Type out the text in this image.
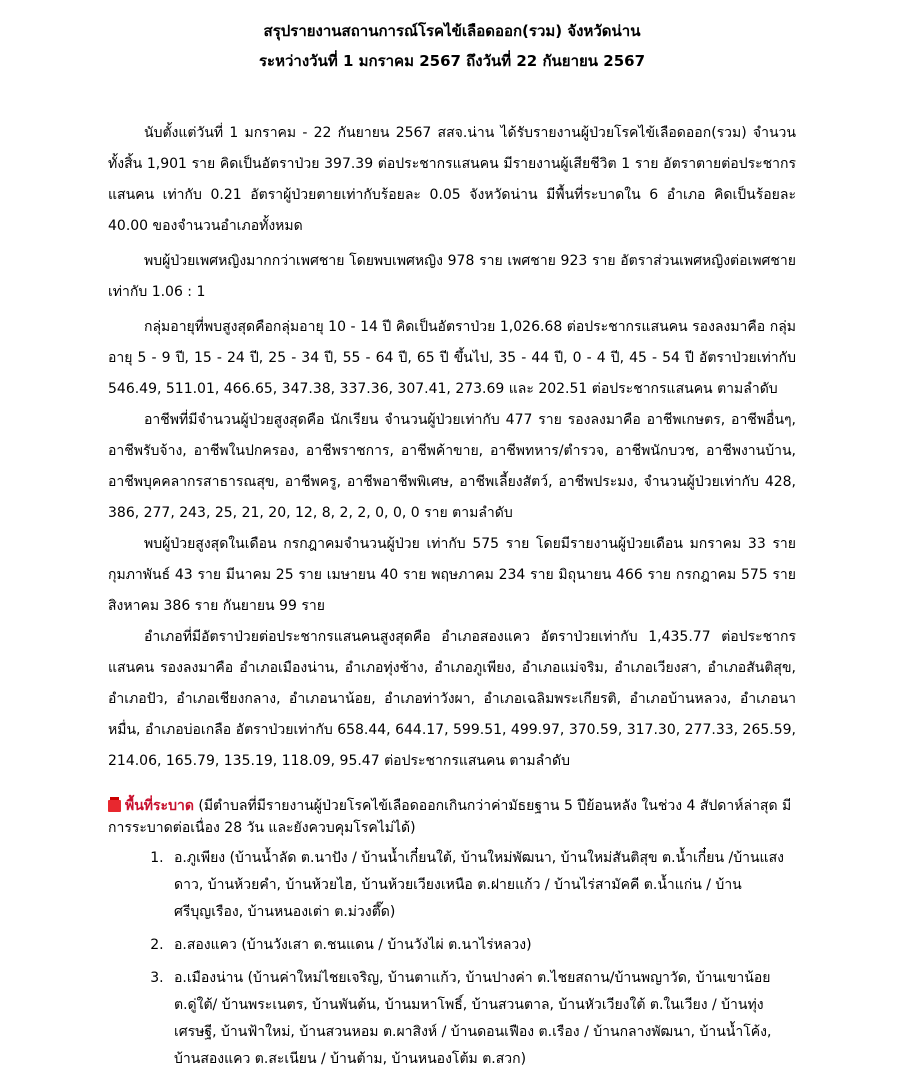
สรุปรายงานสถานการณ์โรคไข้เลือดออก(รวม) จังหวัดน่าน
ระหว่างวันที่ 1 มกราคม 2567 ถึงวันที่ 22 กันยายน 2567

นับตั้งแต่วันที่ 1 มกราคม - 22 กันยายน 2567 สสจ.น่าน ได้รับรายงานผู้ป่วยโรคไข้เลือดออก(รวม) จำนวนทั้งสิ้น 1,901 ราย คิดเป็นอัตราป่วย 397.39 ต่อประชากรแสนคน มีรายงานผู้เสียชีวิต 1 ราย อัตราตายต่อประชากรแสนคน เท่ากับ 0.21 อัตราผู้ป่วยตายเท่ากับร้อยละ 0.05 จังหวัดน่าน มีพื้นที่ระบาดใน 6 อำเภอ คิดเป็นร้อยละ 40.00 ของจำนวนอำเภอทั้งหมด

พบผู้ป่วยเพศหญิงมากกว่าเพศชาย โดยพบเพศหญิง 978 ราย เพศชาย 923 ราย อัตราส่วนเพศหญิงต่อเพศชาย เท่ากับ 1.06 : 1

กลุ่มอายุที่พบสูงสุดคือกลุ่มอายุ 10 - 14 ปี คิดเป็นอัตราป่วย 1,026.68 ต่อประชากรแสนคน รองลงมาคือ กลุ่มอายุ 5 - 9 ปี, 15 - 24 ปี, 25 - 34 ปี, 55 - 64 ปี, 65 ปี ขึ้นไป, 35 - 44 ปี, 0 - 4 ปี, 45 - 54 ปี อัตราป่วยเท่ากับ 546.49, 511.01, 466.65, 347.38, 337.36, 307.41, 273.69 และ 202.51 ต่อประชากรแสนคน ตามลำดับ

อาชีพที่มีจำนวนผู้ป่วยสูงสุดคือ นักเรียน จำนวนผู้ป่วยเท่ากับ 477 ราย รองลงมาคือ อาชีพเกษตร, อาชีพอื่นๆ, อาชีพรับจ้าง, อาชีพในปกครอง, อาชีพราชการ, อาชีพค้าขาย, อาชีพทหาร/ตำรวจ, อาชีพนักบวช, อาชีพงานบ้าน, อาชีพบุคคลากรสาธารณสุข, อาชีพครู, อาชีพอาชีพพิเศษ, อาชีพเลี้ยงสัตว์, อาชีพประมง, จำนวนผู้ป่วยเท่ากับ 428, 386, 277, 243, 25, 21, 20, 12, 8, 2, 2, 0, 0, 0 ราย ตามลำดับ

พบผู้ป่วยสูงสุดในเดือน กรกฎาคมจำนวนผู้ป่วย เท่ากับ 575 ราย โดยมีรายงานผู้ป่วยเดือน มกราคม 33 ราย กุมภาพันธ์ 43 ราย มีนาคม 25 ราย เมษายน 40 ราย พฤษภาคม 234 ราย มิถุนายน 466 ราย กรกฎาคม 575 ราย สิงหาคม 386 ราย กันยายน 99 ราย

อำเภอที่มีอัตราป่วยต่อประชากรแสนคนสูงสุดคือ อำเภอสองแคว อัตราป่วยเท่ากับ 1,435.77 ต่อประชากรแสนคน รองลงมาคือ อำเภอเมืองน่าน, อำเภอทุ่งช้าง, อำเภอภูเพียง, อำเภอแม่จริม, อำเภอเวียงสา, อำเภอสันติสุข, อำเภอปัว, อำเภอเชียงกลาง, อำเภอนาน้อย, อำเภอท่าวังผา, อำเภอเฉลิมพระเกียรติ, อำเภอบ้านหลวง, อำเภอนาหมื่น, อำเภอบ่อเกลือ อัตราป่วยเท่ากับ 658.44, 644.17, 599.51, 499.97, 370.59, 317.30, 277.33, 265.59, 214.06, 165.79, 135.19, 118.09, 95.47 ต่อประชากรแสนคน ตามลำดับ

พื้นที่ระบาด (มีตำบลที่มีรายงานผู้ป่วยโรคไข้เลือดออกเกินกว่าค่ามัธยฐาน 5 ปีย้อนหลัง ในช่วง 4 สัปดาห์ล่าสุด มีการระบาดต่อเนื่อง 28 วัน และยังควบคุมโรคไม่ได้)
1. อ.ภูเพียง (บ้านน้ำลัด ต.นาปัง / บ้านน้ำเกี๋ยนใต้, บ้านใหม่พัฒนา, บ้านใหม่สันติสุข ต.น้ำเกี๋ยน /บ้านแสงดาว, บ้านห้วยคำ, บ้านห้วยไฮ, บ้านห้วยเวียงเหนือ ต.ฝายแก้ว / บ้านไร่สามัคคี ต.น้ำแก่น / บ้านศรีบุญเรือง, บ้านหนองเต่า ต.ม่วงตึ๊ด)
2. อ.สองแคว (บ้านวังเสา ต.ชนแดน / บ้านวังไผ่ ต.นาไร่หลวง)
3. อ.เมืองน่าน (บ้านค่าใหม่ไชยเจริญ, บ้านตาแก้ว, บ้านปางค่า ต.ไชยสถาน/บ้านพญาวัด, บ้านเขาน้อย ต.ดู่ใต้/ บ้านพระเนตร, บ้านพันต้น, บ้านมหาโพธิ์, บ้านสวนตาล, บ้านหัวเวียงใต้ ต.ในเวียง / บ้านทุ่งเศรษฐี, บ้านฟ้าใหม่, บ้านสวนหอม ต.ผาสิงห์ / บ้านดอนเฟือง ต.เรือง / บ้านกลางพัฒนา, บ้านน้ำโค้ง, บ้านสองแคว ต.สะเนียน / บ้านต้าม, บ้านหนองโต้ม ต.สวก)
